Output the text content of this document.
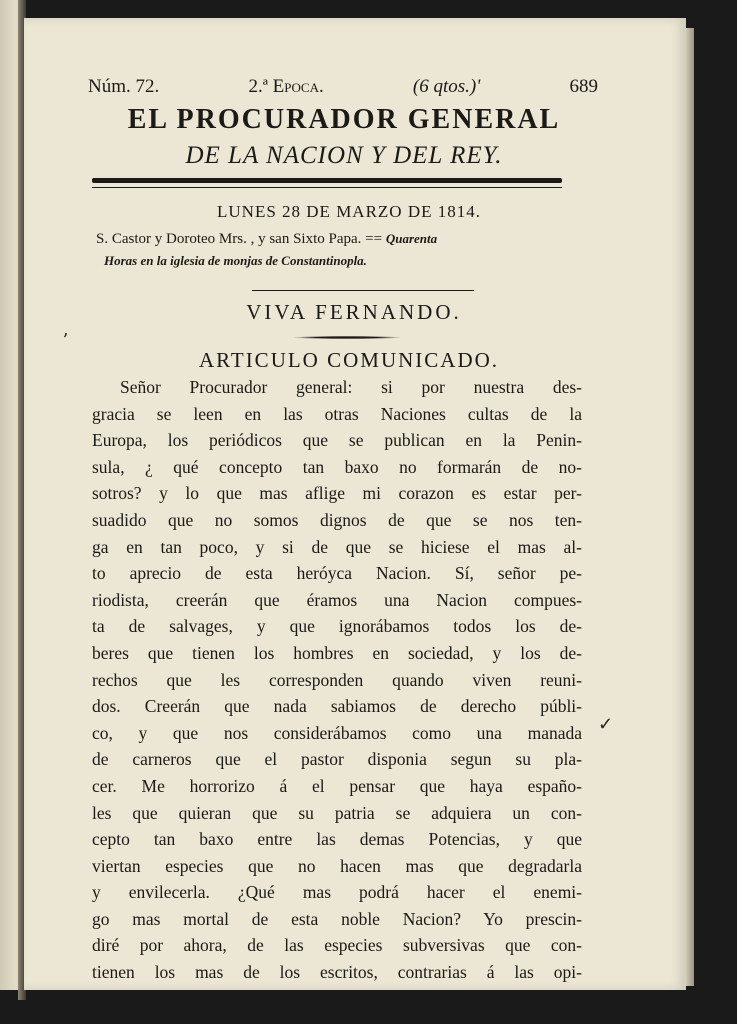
Núm. 72.	2.ª Epoca.	(6 qtos.)'	689
EL PROCURADOR GENERAL
DE LA NACION Y DEL REY.
LUNES 28 DE MARZO DE 1814.
S. Castor y Doroteo Mrs. , y san Sixto Papa. == Quarenta
Horas en la iglesia de monjas de Constantinopla.
VIVA FERNANDO.
ARTICULO COMUNICADO.
Señor Procurador general: si por nuestra des-
gracia se leen en las otras Naciones cultas de la
Europa, los periódicos que se publican en la Penin-
sula, ¿ qué concepto tan baxo no formarán de no-
sotros? y lo que mas aflige mi corazon es estar per-
suadido que no somos dignos de que se nos ten-
ga en tan poco, y si de que se hiciese el mas al-
to aprecio de esta heróyca Nacion. Sí, señor pe-
riodista, creerán que éramos una Nacion compues-
ta de salvages, y que ignorábamos todos los de-
beres que tienen los hombres en sociedad, y los de-
rechos que les corresponden quando viven reuni-
dos. Creerán que nada sabiamos de derecho públi-
co, y que nos considerábamos como una manada
de carneros que el pastor disponia segun su pla-
cer. Me horrorizo á el pensar que haya españo-
les que quieran que su patria se adquiera un con-
cepto tan baxo entre las demas Potencias, y que
viertan especies que no hacen mas que degradarla
y envilecerla. ¿Qué mas podrá hacer el enemi-
go mas mortal de esta noble Nacion? Yo prescin-
diré por ahora, de las especies subversivas que con-
tienen los mas de los escritos, contrarias á las opi-
ʼ
✓
